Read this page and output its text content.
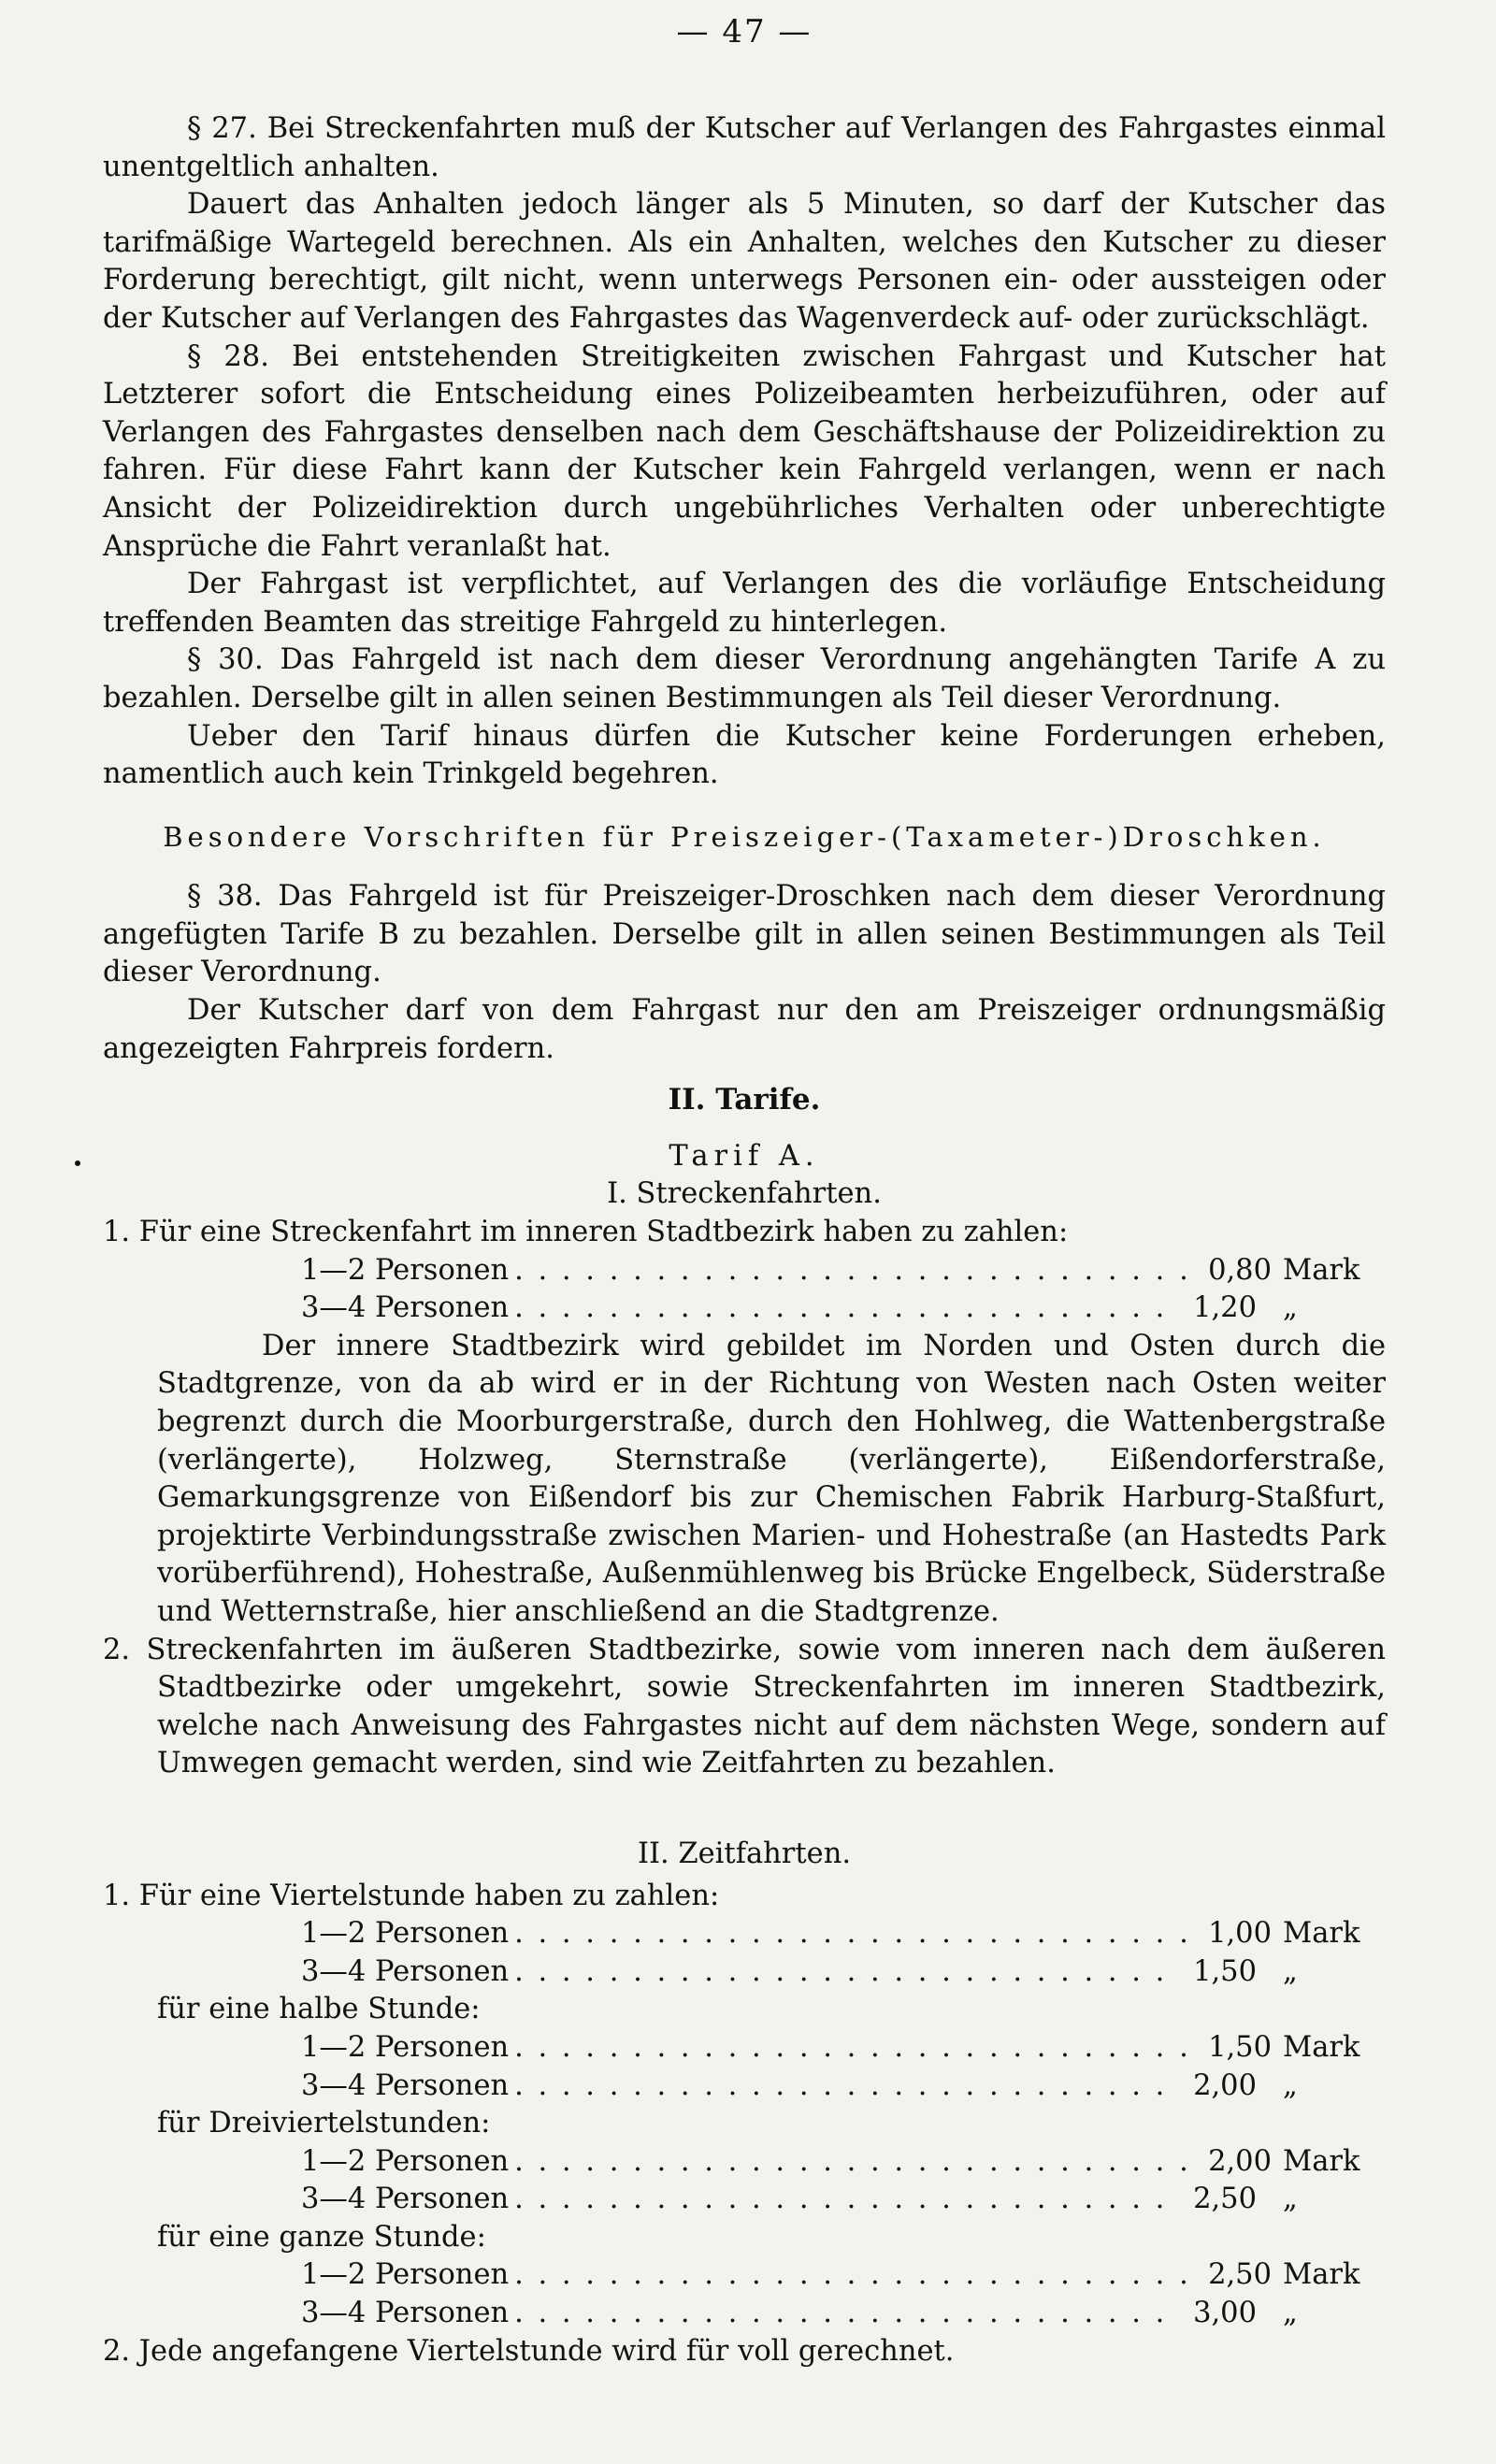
— 47 —

§ 27. Bei Streckenfahrten muß der Kutscher auf Verlangen des Fahrgastes einmal unentgeltlich anhalten.

Dauert das Anhalten jedoch länger als 5 Minuten, so darf der Kutscher das tarifmäßige Wartegeld berechnen. Als ein Anhalten, welches den Kutscher zu dieser Forderung berechtigt, gilt nicht, wenn unterwegs Personen ein- oder aussteigen oder der Kutscher auf Verlangen des Fahrgastes das Wagenverdeck auf- oder zurückschlägt.

§ 28. Bei entstehenden Streitigkeiten zwischen Fahrgast und Kutscher hat Letzterer sofort die Entscheidung eines Polizeibeamten herbeizuführen, oder auf Verlangen des Fahrgastes denselben nach dem Geschäftshause der Polizeidirektion zu fahren. Für diese Fahrt kann der Kutscher kein Fahrgeld verlangen, wenn er nach Ansicht der Polizeidirektion durch ungebührliches Verhalten oder unberechtigte Ansprüche die Fahrt veranlaßt hat.

Der Fahrgast ist verpflichtet, auf Verlangen des die vorläufige Entscheidung treffenden Beamten das streitige Fahrgeld zu hinterlegen.

§ 30. Das Fahrgeld ist nach dem dieser Verordnung angehängten Tarife A zu bezahlen. Derselbe gilt in allen seinen Bestimmungen als Teil dieser Verordnung.

Ueber den Tarif hinaus dürfen die Kutscher keine Forderungen erheben, namentlich auch kein Trinkgeld begehren.

Besondere Vorschriften für Preiszeiger-(Taxameter-)Droschken.

§ 38. Das Fahrgeld ist für Preiszeiger-Droschken nach dem dieser Verordnung angefügten Tarife B zu bezahlen. Derselbe gilt in allen seinen Bestimmungen als Teil dieser Verordnung.

Der Kutscher darf von dem Fahrgast nur den am Preiszeiger ordnungsmäßig angezeigten Fahrpreis fordern.

II. Tarife.
Tarif A.
I. Streckenfahrten.
1. Für eine Streckenfahrt im inneren Stadtbezirk haben zu zahlen:
1—2 Personen . . .	0,80 Mark
3—4 Personen . . .	1,20 „

Der innere Stadtbezirk wird gebildet im Norden und Osten durch die Stadtgrenze, von da ab wird er in der Richtung von Westen nach Osten weiter begrenzt durch die Moorburgerstraße, durch den Hohlweg, die Wattenbergstraße (verlängerte), Holzweg, Sternstraße (verlängerte), Eißendorferstraße, Gemarkungsgrenze von Eißendorf bis zur Chemischen Fabrik Harburg-Staßfurt, projektirte Verbindungsstraße zwischen Marien- und Hohestraße (an Hastedts Park vorüberführend), Hohestraße, Außenmühlenweg bis Brücke Engelbeck, Süderstraße und Wetternstraße, hier anschließend an die Stadtgrenze.

2. Streckenfahrten im äußeren Stadtbezirke, sowie vom inneren nach dem äußeren Stadtbezirke oder umgekehrt, sowie Streckenfahrten im inneren Stadtbezirk, welche nach Anweisung des Fahrgastes nicht auf dem nächsten Wege, sondern auf Umwegen gemacht werden, sind wie Zeitfahrten zu bezahlen.

II. Zeitfahrten.
1. Für eine Viertelstunde haben zu zahlen:
1—2 Personen . . .	1,00 Mark
3—4 Personen . . .	1,50 „
für eine halbe Stunde:
1—2 Personen . . .	1,50 Mark
3—4 Personen . . .	2,00 „
für Dreiviertelstunden:
1—2 Personen . . .	2,00 Mark
3—4 Personen . . .	2,50 „
für eine ganze Stunde:
1—2 Personen . . .	2,50 Mark
3—4 Personen . . .	3,00 „
2. Jede angefangene Viertelstunde wird für voll gerechnet.
